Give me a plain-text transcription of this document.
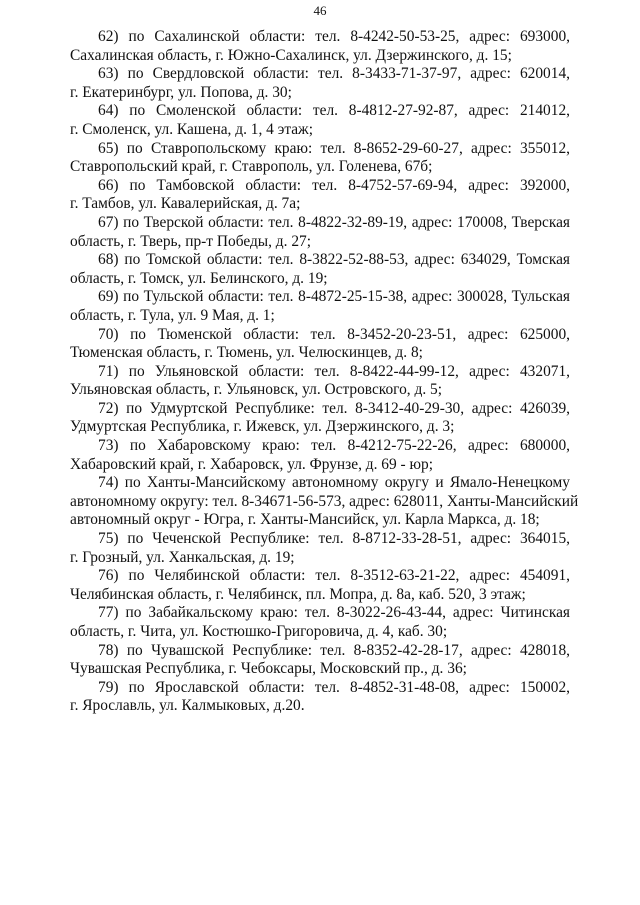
46

62) по Сахалинской области: тел. 8-4242-50-53-25, адрес: 693000,
Сахалинская область, г. Южно-Сахалинск, ул. Дзержинского, д. 15;

63) по Свердловской области: тел. 8-3433-71-37-97, адрес: 620014,
г. Екатеринбург, ул. Попова, д. 30;

64) по Смоленской области: тел. 8-4812-27-92-87, адрес: 214012,
г. Смоленск, ул. Кашена, д. 1, 4 этаж;

65) по Ставропольскому краю: тел. 8-8652-29-60-27, адрес: 355012,
Ставропольский край, г. Ставрополь, ул. Голенева, 67б;

66) по Тамбовской области: тел. 8-4752-57-69-94, адрес: 392000,
г. Тамбов, ул. Кавалерийская, д. 7а;

67) по Тверской области: тел. 8-4822-32-89-19, адрес: 170008, Тверская
область, г. Тверь, пр-т Победы, д. 27;

68) по Томской области: тел. 8-3822-52-88-53, адрес: 634029, Томская
область, г. Томск, ул. Белинского, д. 19;

69) по Тульской области: тел. 8-4872-25-15-38, адрес: 300028, Тульская
область, г. Тула, ул. 9 Мая, д. 1;

70) по Тюменской области: тел. 8-3452-20-23-51, адрес: 625000,
Тюменская область, г. Тюмень, ул. Челюскинцев, д. 8;

71) по Ульяновской области: тел. 8-8422-44-99-12, адрес: 432071,
Ульяновская область, г. Ульяновск, ул. Островского, д. 5;

72) по Удмуртской Республике: тел. 8-3412-40-29-30, адрес: 426039,
Удмуртская Республика, г. Ижевск, ул. Дзержинского, д. 3;

73) по Хабаровскому краю: тел. 8-4212-75-22-26, адрес: 680000,
Хабаровский край, г. Хабаровск, ул. Фрунзе, д. 69 - юр;

74) по Ханты-Мансийскому автономному округу и Ямало-Ненецкому
автономному округу: тел. 8-34671-56-573, адрес: 628011, Ханты-Мансийский
автономный округ - Югра, г. Ханты-Мансийск, ул. Карла Маркса, д. 18;

75) по Чеченской Республике: тел. 8-8712-33-28-51, адрес: 364015,
г. Грозный, ул. Ханкальская, д. 19;

76) по Челябинской области: тел. 8-3512-63-21-22, адрес: 454091,
Челябинская область, г. Челябинск, пл. Мопра, д. 8а, каб. 520, 3 этаж;

77) по Забайкальскому краю: тел. 8-3022-26-43-44, адрес: Читинская
область, г. Чита, ул. Костюшко-Григоровича, д. 4, каб. 30;

78) по Чувашской Республике: тел. 8-8352-42-28-17, адрес: 428018,
Чувашская Республика, г. Чебоксары, Московский пр., д. 36;

79) по Ярославской области: тел. 8-4852-31-48-08, адрес: 150002,
г. Ярославль, ул. Калмыковых, д.20.
